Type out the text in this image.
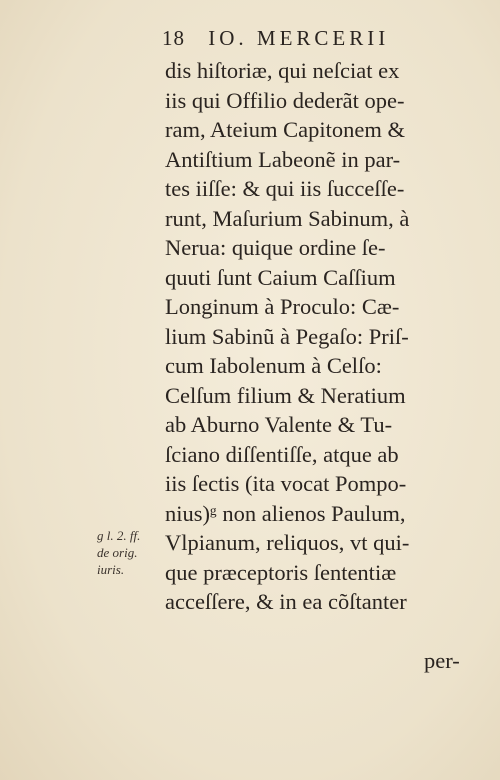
18 IO. MERCERII
dis hiſtoriæ, qui neſciat ex
iis qui Offilio dederãt ope-
ram, Ateium Capitonem &
Antiſtium Labeonẽ in par-
tes iiſſe: & qui iis ſucceſſe-
runt, Maſurium Sabinum, à
Nerua: quique ordine ſe-
quuti ſunt Caium Caſſium
Longinum à Proculo: Cæ-
lium Sabinũ à Pegaſo: Priſ-
cum Iabolenum à Celſo:
Celſum filium & Neratium
ab Aburno Valente & Tu-
ſciano diſſentiſſe, atque ab
iis ſectis (ita vocat Pompo-
nius)ᵍ non alienos Paulum,
Vlpianum, reliquos, vt qui-
que præceptoris ſententiæ
acceſſere, & in ea cõſtanter
g l. 2. ff.
de orig.
iuris.
per-
